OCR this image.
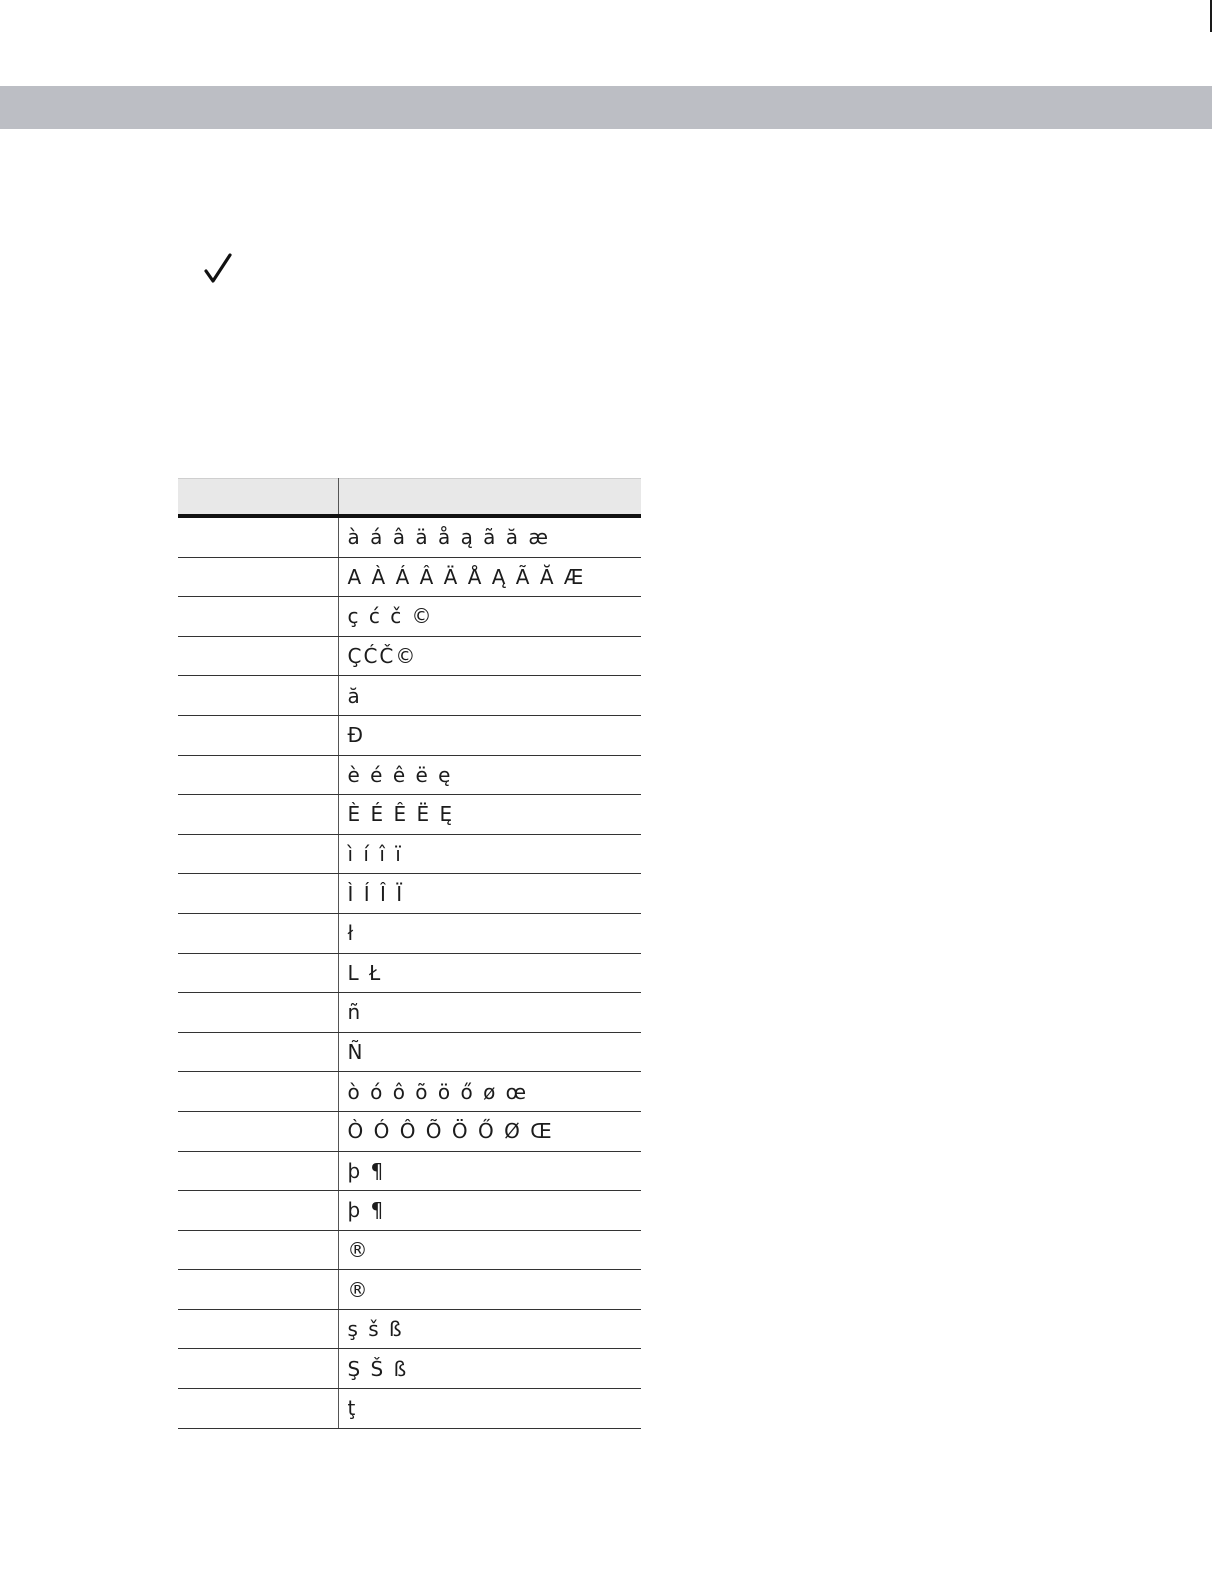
	à á â ä å ą ã ă æ
	A À Á Â Ä Å Ą Ã Ă Æ
	ç ć č ©
	ÇĆČ©
	ă
	Đ
	è é ê ë ę
	È É Ê Ë Ę
	ì í î ï
	Ì Í Î Ï
	ł
	L Ł
	ñ
	Ñ
	ò ó ô õ ö ő ø œ
	Ò Ó Ô Õ Ö Ő Ø Œ
	þ ¶
	þ ¶
	®
	®
	ş š ß
	Ş Š ß
	ţ
